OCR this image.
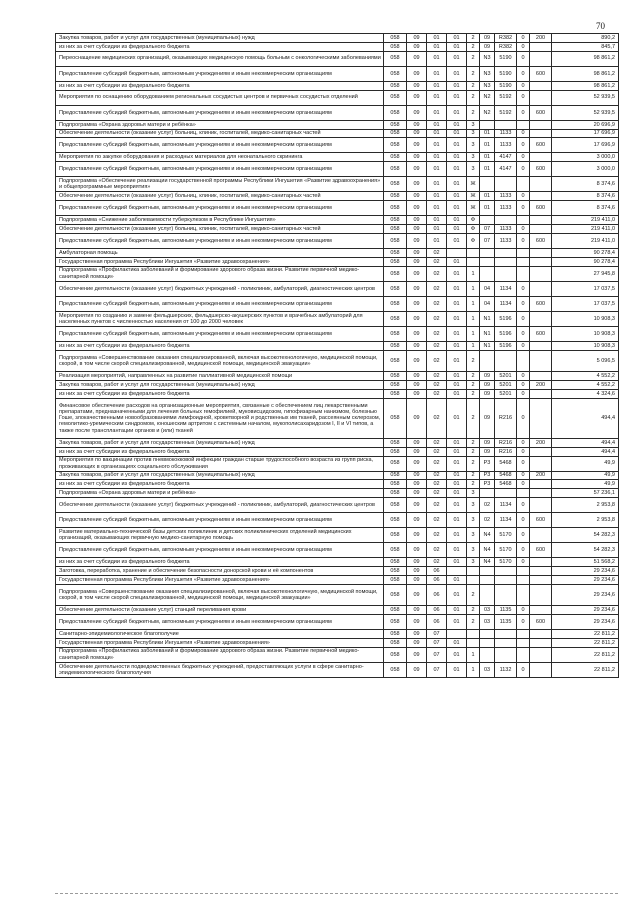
70
Закупка товаров, работ и услуг для государственных (муниципальных) нужд	058	09	01	01	2	09	R382	0	200	890,2
из них за счет субсидии из федерального бюджета	058	09	01	01	2	09	R382	0		845,7
Переоснащение медицинских организаций, оказывающих медицинскую помощь больным с онкологическими заболеваниями	058	09	01	01	2	N3	5190	0		98 861,2
Предоставление субсидий бюджетным, автономным учреждениям и иным некоммерческим организациям	058	09	01	01	2	N3	5190	0	600	98 861,2
из них за счет субсидии из федерального бюджета	058	09	01	01	2	N3	5190	0		98 861,2
Мероприятия по оснащению оборудованием региональных сосудистых центров и первичных сосудистых отделений	058	09	01	01	2	N2	5192	0		52 939,5
Предоставление субсидий бюджетным, автономным учреждениям и иным некоммерческим организациям	058	09	01	01	2	N2	5192	0	600	52 939,5
Подпрограмма «Охрана здоровья матери и ребёнка»	058	09	01	01	3					20 696,9
Обеспечение деятельности (оказание услуг) больниц, клиник, госпиталей, медико-санитарных частей	058	09	01	01	3	01	1133	0		17 696,9
Предоставление субсидий бюджетным, автономным учреждениям и иным некоммерческим организациям	058	09	01	01	3	01	1133	0	600	17 696,9
Мероприятия по закупке оборудования и расходных материалов для неонатального скрининга	058	09	01	01	3	01	4147	0		3 000,0
Предоставление субсидий бюджетным, автономным учреждениям и иным некоммерческим организациям	058	09	01	01	3	01	4147	0	600	3 000,0
Подпрограмма «Обеспечение реализации государственной программы Республики Ингушетия «Развитие здравоохранения» и общепрограммные мероприятия»	058	09	01	01	Ж					8 374,6
Обеспечение деятельности (оказание услуг) больниц, клиник, госпиталей, медико-санитарных частей	058	09	01	01	Ж	01	1133	0		8 374,6
Предоставление субсидий бюджетным, автономным учреждениям и иным некоммерческим организациям	058	09	01	01	Ж	01	1133	0	600	8 374,6
Подпрограмма «Снижение заболеваемости туберкулезом в Республике Ингушетия»	058	09	01	01	Ф					219 411,0
Обеспечение деятельности (оказание услуг) больниц, клиник, госпиталей, медико-санитарных частей	058	09	01	01	Ф	07	1133	0		219 411,0
Предоставление субсидий бюджетным, автономным учреждениям и иным некоммерческим организациям	058	09	01	01	Ф	07	1133	0	600	219 411,0
Амбулаторная помощь	058	09	02							90 278,4
Государственная программа Республики Ингушетия «Развитие здравоохранения»	058	09	02	01						90 278,4
Подпрограмма «Профилактика заболеваний и формирование здорового образа жизни. Развитие первичной медико-санитарной помощи»	058	09	02	01	1					27 945,8
Обеспечение деятельности (оказание услуг) бюджетных учреждений - поликлиник, амбулаторий, диагностических центров	058	09	02	01	1	04	1134	0		17 037,5
Предоставление субсидий бюджетным, автономным учреждениям и иным некоммерческим организациям	058	09	02	01	1	04	1134	0	600	17 037,5
Мероприятия по созданию и замене фельдшерских, фельдшерско-акушерских пунктов и врачебных амбулаторий для населенных пунктов с численностью населения от 100 до 2000 человек	058	09	02	01	1	N1	5196	0		10 908,3
Предоставление субсидий бюджетным, автономным учреждениям и иным некоммерческим организациям	058	09	02	01	1	N1	5196	0	600	10 908,3
из них за счет субсидии из федерального бюджета	058	09	02	01	1	N1	5196	0		10 908,3
Подпрограмма «Совершенствование оказания специализированной, включая высокотехнологичную, медицинской помощи, скорой, в том числе скорой специализированной, медицинской помощи, медицинской эвакуации»	058	09	02	01	2					5 096,5
Реализация мероприятий, направленных на развитие паллиативной медицинской помощи	058	09	02	01	2	09	5201	0		4 552,2
Закупка товаров, работ и услуг для государственных (муниципальных) нужд	058	09	02	01	2	09	5201	0	200	4 552,2
из них за счет субсидии из федерального бюджета	058	09	02	01	2	09	5201	0		4 324,6
Финансовое обеспечение расходов на организационные мероприятия, связанные с обеспечением лиц лекарственными препаратами, предназначенными для лечения больных гемофилией, муковисцидозом, гипофизарным нанизмом, болезнью Гоше, злокачественными новообразованиями лимфоидной, кроветворной и родственных им тканей, рассеянным склерозом, гемолитико-уремическим синдромом, юношеским артритом с системным началом, мукополисахаридозом I, II и VI типов, а также после трансплантации органов и (или) тканей	058	09	02	01	2	09	R216	0		494,4
Закупка товаров, работ и услуг для государственных (муниципальных) нужд	058	09	02	01	2	09	R216	0	200	494,4
из них за счет субсидии из федерального бюджета	058	09	02	01	2	09	R216	0		494,4
Мероприятия по вакцинации против пневмококковой инфекции граждан старше трудоспособного возраста из групп риска, проживающих в организациях социального обслуживания	058	09	02	01	2	P3	5468	0		49,9
Закупка товаров, работ и услуг для государственных (муниципальных) нужд	058	09	02	01	2	P3	5468	0	200	49,9
из них за счет субсидии из федерального бюджета	058	09	02	01	2	P3	5468	0		49,9
Подпрограмма «Охрана здоровья матери и ребёнка»	058	09	02	01	3					57 236,1
Обеспечение деятельности (оказание услуг) бюджетных учреждений - поликлиник, амбулаторий, диагностических центров	058	09	02	01	3	02	1134	0		2 953,8
Предоставление субсидий бюджетным, автономным учреждениям и иным некоммерческим организациям	058	09	02	01	3	02	1134	0	600	2 953,8
Развитие материально-технической базы детских поликлиник и детских поликлинических отделений медицинских организаций, оказывающих первичную медико-санитарную помощь	058	09	02	01	3	N4	5170	0		54 282,3
Предоставление субсидий бюджетным, автономным учреждениям и иным некоммерческим организациям	058	09	02	01	3	N4	5170	0	600	54 282,3
из них за счет субсидии из федерального бюджета	058	09	02	01	3	N4	5170	0		51 568,2
Заготовка, переработка, хранение и обеспечение безопасности донорской крови и её компонентов	058	09	06							29 234,6
Государственная программа Республики Ингушетия «Развитие здравоохранения»	058	09	06	01						29 234,6
Подпрограмма «Совершенствование оказания специализированной, включая высокотехнологичную, медицинской помощи, скорой, в том числе скорой специализированной, медицинской помощи, медицинской эвакуации»	058	09	06	01	2					29 234,6
Обеспечение деятельности (оказание услуг) станций переливания крови	058	09	06	01	2	03	1135	0		29 234,6
Предоставление субсидий бюджетным, автономным учреждениям и иным некоммерческим организациям	058	09	06	01	2	03	1135	0	600	29 234,6
Санитарно-эпидемиологическое благополучие	058	09	07							22 811,2
Государственная программа Республики Ингушетия «Развитие здравоохранения»	058	09	07	01						22 811,2
Подпрограмма «Профилактика заболеваний и формирование здорового образа жизни. Развитие первичной медико-санитарной помощи»	058	09	07	01	1					22 811,2
Обеспечение деятельности подведомственных бюджетных учреждений, предоставляющих услуги в сфере санитарно-эпидемиологического благополучия	058	09	07	01	1	03	1132	0		22 811,2
